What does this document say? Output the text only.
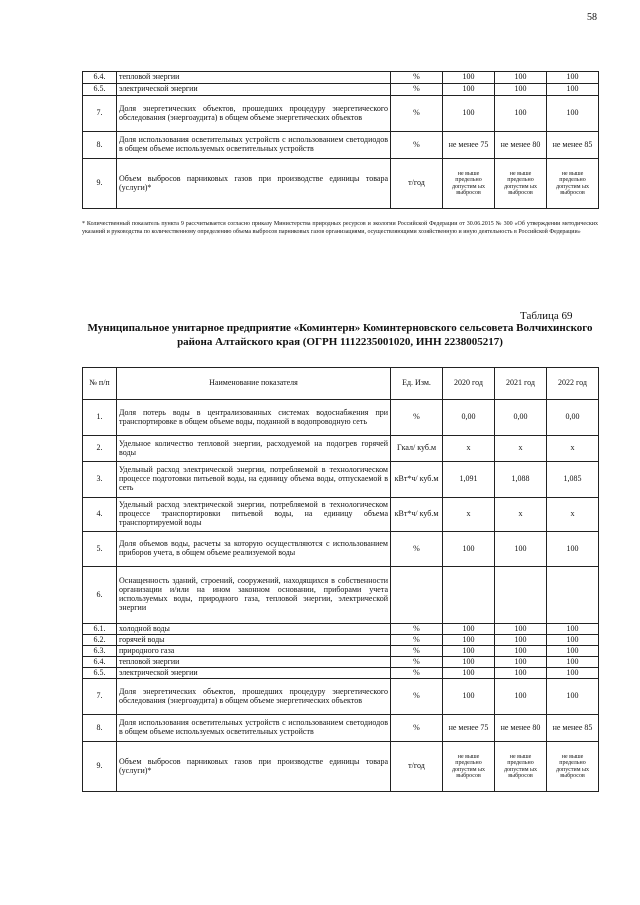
58
6.4.	тепловой энергии	%	100	100	100
6.5.	электрической энергии	%	100	100	100
7.	Доля энергетических объектов, прошедших процедуру энергетического обследования (энергоаудита) в общем объеме энергетических объектов	%	100	100	100
8.	Доля использования осветительных устройств с использованием светодиодов в общем объеме используемых осветительных устройств	%	не менее 75	не менее 80	не менее 85
9.	Объем выбросов парниковых газов при производстве единицы товара (услуги)*	т/год	не выше предельно допустим ых выбросов	не выше предельно допустим ых выбросов	не выше предельно допустим ых выбросов
* Количественный показатель пункта 9 рассчитывается согласно приказу Министерства природных ресурсов и экологии Российской Федерации от 30.06.2015 № 300 «Об утверждении методических указаний и руководства по количественному определению объема выбросов парниковых газов организациями, осуществляющими хозяйственную и иную деятельность в Российской Федерации»
Таблица 69
Муниципальное унитарное предприятие «Коминтерн» Коминтерновского сельсовета Волчихинского района Алтайского края (ОГРН 1112235001020, ИНН 2238005217)
№ п/п	Наименование показателя	Ед. Изм.	2020 год	2021 год	2022 год
1.	Доля потерь воды в централизованных системах водоснабжения при транспортировке в общем объеме воды, поданной в водопроводную сеть	%	0,00	0,00	0,00
2.	Удельное количество тепловой энергии, расходуемой на подогрев горячей воды	Гкал/ куб.м	х	х	х
3.	Удельный расход электрической энергии, потребляемой в технологическом процессе подготовки питьевой воды, на единицу объема воды, отпускаемой в сеть	кВт*ч/ куб.м	1,091	1,088	1,085
4.	Удельный расход электрической энергии, потребляемой в технологическом процессе транспортировки питьевой воды, на единицу объема транспортируемой воды	кВт*ч/ куб.м	х	х	х
5.	Доля объемов воды, расчеты за которую осуществляются с использованием приборов учета, в общем объеме реализуемой воды	%	100	100	100
6.	Оснащенность зданий, строений, сооружений, находящихся в собственности организации и/или на ином законном основании, приборами учета используемых воды, природного газа, тепловой энергии, электрической энергии				
6.1.	холодной воды	%	100	100	100
6.2.	горячей воды	%	100	100	100
6.3.	природного газа	%	100	100	100
6.4.	тепловой энергии	%	100	100	100
6.5.	электрической энергии	%	100	100	100
7.	Доля энергетических объектов, прошедших процедуру энергетического обследования (энергоаудита) в общем объеме энергетических объектов	%	100	100	100
8.	Доля использования осветительных устройств с использованием светодиодов в общем объеме используемых осветительных устройств	%	не менее 75	не менее 80	не менее 85
9.	Объем выбросов парниковых газов при производстве единицы товара (услуги)*	т/год	не выше предельно допустим ых выбросов	не выше предельно допустим ых выбросов	не выше предельно допустим ых выбросов
